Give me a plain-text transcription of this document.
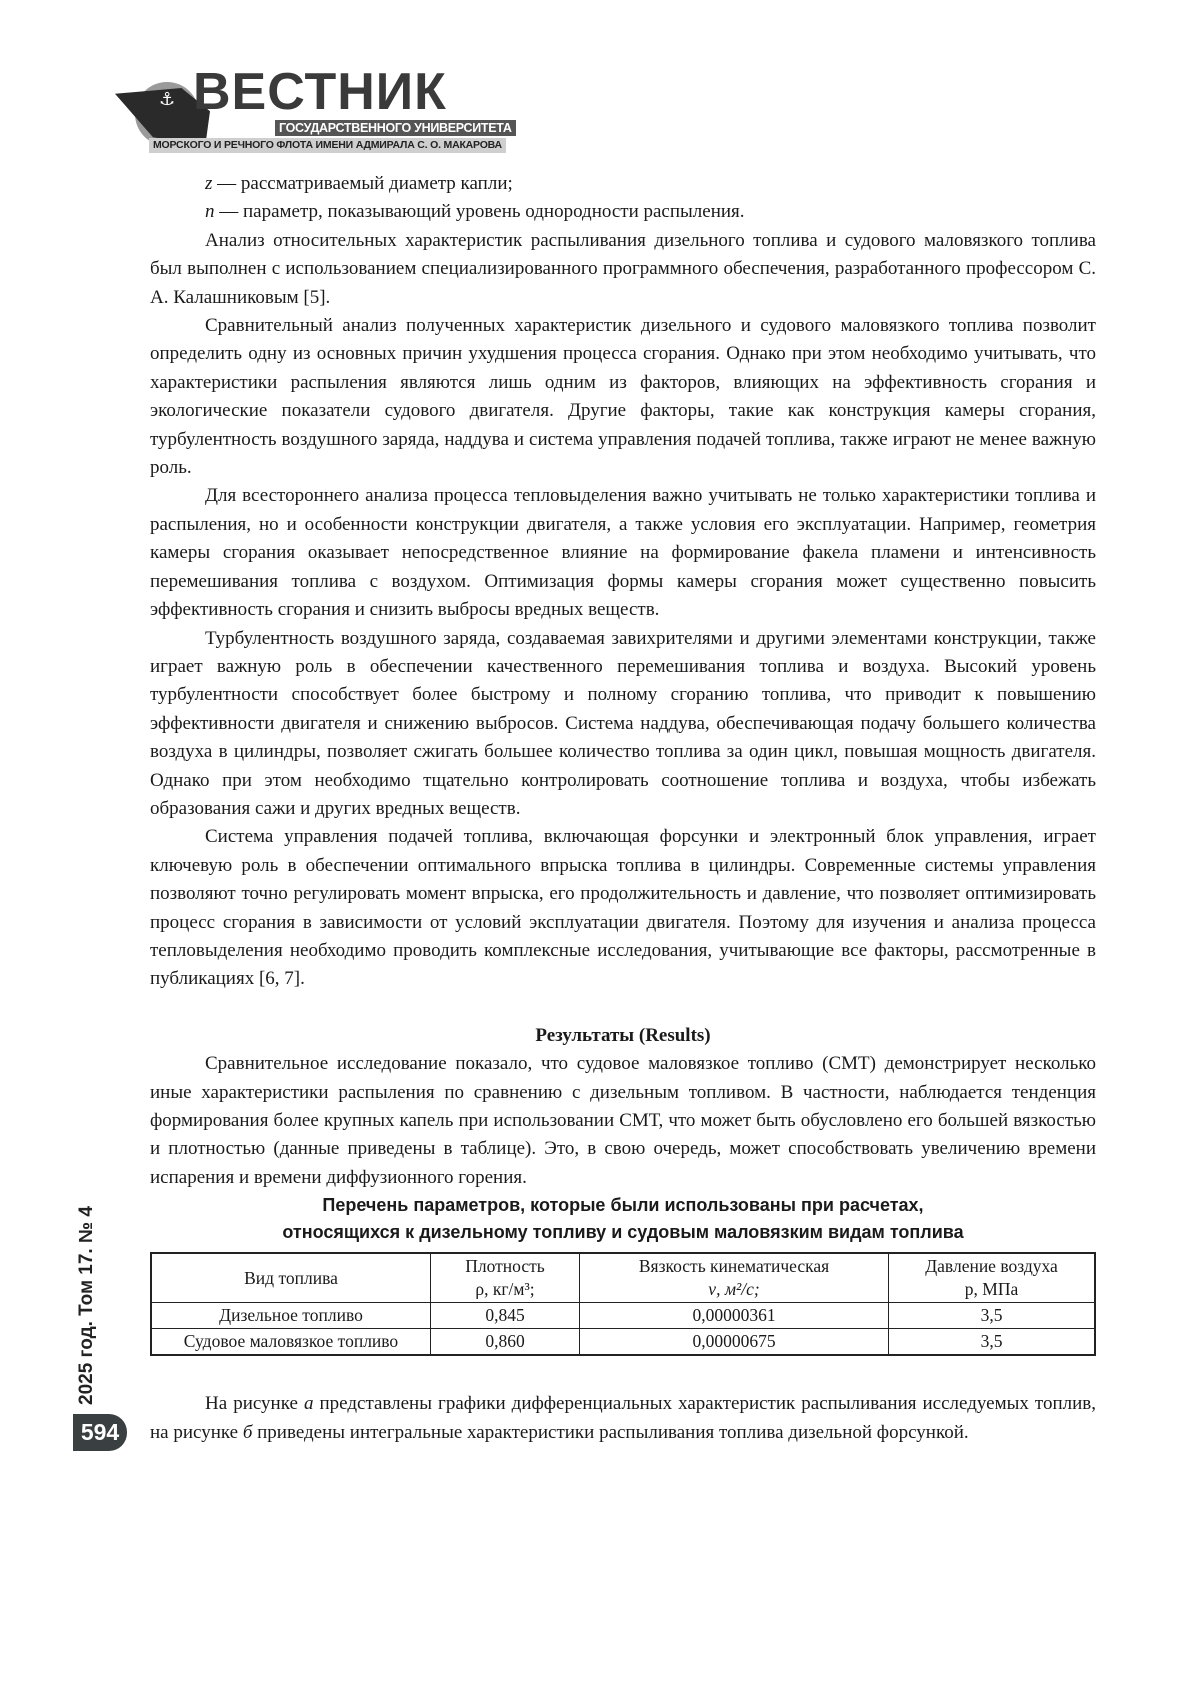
⚓ ВЕСТНИК
ГОСУДАРСТВЕННОГО УНИВЕРСИТЕТА
МОРСКОГО И РЕЧНОГО ФЛОТА ИМЕНИ АДМИРАЛА С. О. МАКАРОВА

z — рассматриваемый диаметр капли;

n — параметр, показывающий уровень однородности распыления.

Анализ относительных характеристик распыливания дизельного топлива и судового маловязкого топлива был выполнен с использованием специализированного программного обеспечения, разработанного профессором С. А. Калашниковым [5].

Сравнительный анализ полученных характеристик дизельного и судового маловязкого топлива позволит определить одну из основных причин ухудшения процесса сгорания. Однако при этом необходимо учитывать, что характеристики распыления являются лишь одним из факторов, влияющих на эффективность сгорания и экологические показатели судового двигателя. Другие факторы, такие как конструкция камеры сгорания, турбулентность воздушного заряда, наддува и система управления подачей топлива, также играют не менее важную роль.

Для всестороннего анализа процесса тепловыделения важно учитывать не только характеристики топлива и распыления, но и особенности конструкции двигателя, а также условия его эксплуатации. Например, геометрия камеры сгорания оказывает непосредственное влияние на формирование факела пламени и интенсивность перемешивания топлива с воздухом. Оптимизация формы камеры сгорания может существенно повысить эффективность сгорания и снизить выбросы вредных веществ.

Турбулентность воздушного заряда, создаваемая завихрителями и другими элементами конструкции, также играет важную роль в обеспечении качественного перемешивания топлива и воздуха. Высокий уровень турбулентности способствует более быстрому и полному сгоранию топлива, что приводит к повышению эффективности двигателя и снижению выбросов. Система наддува, обеспечивающая подачу большего количества воздуха в цилиндры, позволяет сжигать большее количество топлива за один цикл, повышая мощность двигателя. Однако при этом необходимо тщательно контролировать соотношение топлива и воздуха, чтобы избежать образования сажи и других вредных веществ.

Система управления подачей топлива, включающая форсунки и электронный блок управления, играет ключевую роль в обеспечении оптимального впрыска топлива в цилиндры. Современные системы управления позволяют точно регулировать момент впрыска, его продолжительность и давление, что позволяет оптимизировать процесс сгорания в зависимости от условий эксплуатации двигателя. Поэтому для изучения и анализа процесса тепловыделения необходимо проводить комплексные исследования, учитывающие все факторы, рассмотренные в публикациях [6, 7].

Результаты (Results)

Сравнительное исследование показало, что судовое маловязкое топливо (СМТ) демонстрирует несколько иные характеристики распыления по сравнению с дизельным топливом. В частности, наблюдается тенденция формирования более крупных капель при использовании СМТ, что может быть обусловлено его большей вязкостью и плотностью (данные приведены в таблице). Это, в свою очередь, может способствовать увеличению времени испарения и времени диффузионного горения.

Перечень параметров, которые были использованы при расчетах,
относящихся к дизельному топливу и судовым маловязким видам топлива

Вид топлива	Плотность
ρ, кг/м³;	Вязкость кинематическая
ν, м²/с;	Давление воздуха
p, МПа
Дизельное топливо	0,845	0,00000361	3,5
Судовое маловязкое топливо	0,860	0,00000675	3,5

На рисунке а представлены графики дифференциальных характеристик распыливания исследуемых топлив, на рисунке б приведены интегральные характеристики распыливания топлива дизельной форсункой.

2025 год. Том 17. № 4
594
